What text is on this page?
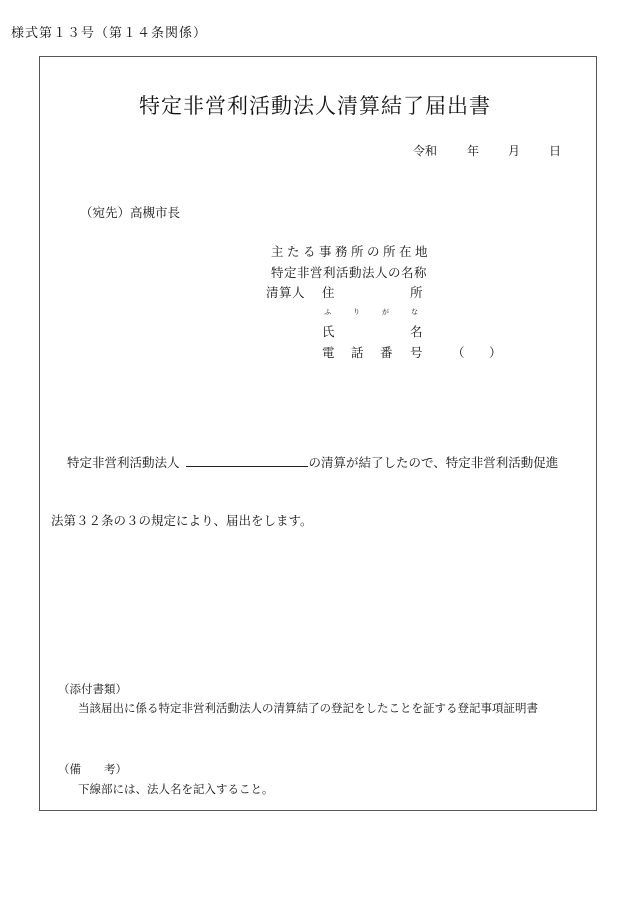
様式第１３号（第１４条関係）
特定非営利活動法人清算結了届出書
令和 年 月 日
（宛先）高槻市長
主たる事務所の所在地
特定非営利活動法人の名称
清算人 住	所
ふ	り	が	な
氏	名
電 話 番 号 （ ）
特定非営利活動法人	の清算が結了したので、特定非営利活動促進
法第３２条の３の規定により、届出をします。
（添付書類）
当該届出に係る特定非営利活動法人の清算結了の登記をしたことを証する登記事項証明書
（備　　考）
下線部には、法人名を記入すること。
